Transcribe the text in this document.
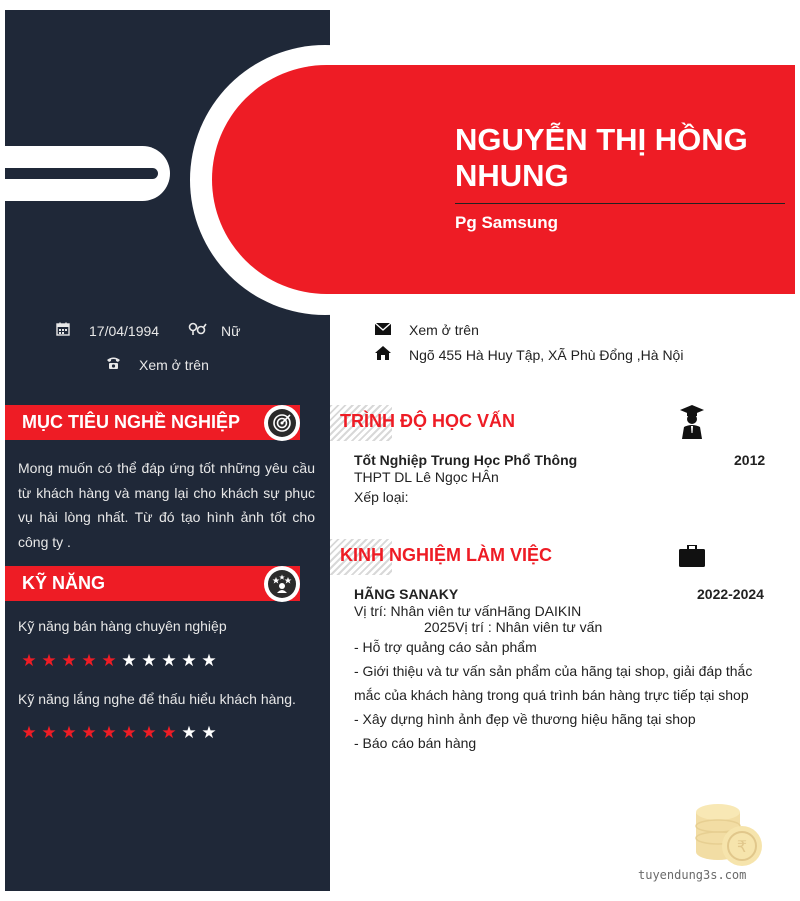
NGUYỄN THỊ HỒNG NHUNG
Pg Samsung
17/04/1994	Nữ
Xem ở trên
Xem ở trên
Ngõ 455 Hà Huy Tập, XÃ Phù Đổng ,Hà Nội
MỤC TIÊU NGHỀ NGHIỆP

Mong muốn có thể đáp ứng tốt những yêu cầu từ khách hàng và mang lại cho khách sự phục vụ hài lòng nhất. Từ đó tạo hình ảnh tốt cho công ty .

KỸ NĂNG
Kỹ năng bán hàng chuyên nghiệp
★ ★ ★ ★ ★ ★ ★ ★ ★ ★
Kỹ năng lắng nghe để thấu hiểu khách hàng.
★ ★ ★ ★ ★ ★ ★ ★ ★ ★
TRÌNH ĐỘ HỌC VẤN
Tốt Nghiệp Trung Học Phổ Thông	2012
THPT DL Lê Ngọc HÂn
Xếp loại:
KINH NGHIỆM LÀM VIỆC
HÃNG SANAKY	2022-2024
Vị trí: Nhân viên tư vấnHãng DAIKIN
2025Vị trí : Nhân viên tư vấn
- Hỗ trợ quảng cáo sản phẩm
- Giới thiệu và tư vấn sản phẩm của hãng tại shop, giải đáp thắc
mắc của khách hàng trong quá trình bán hàng trực tiếp tại shop
- Xây dựng hình ảnh đẹp về thương hiệu hãng tại shop
- Báo cáo bán hàng
₹
tuyendung3s.com
